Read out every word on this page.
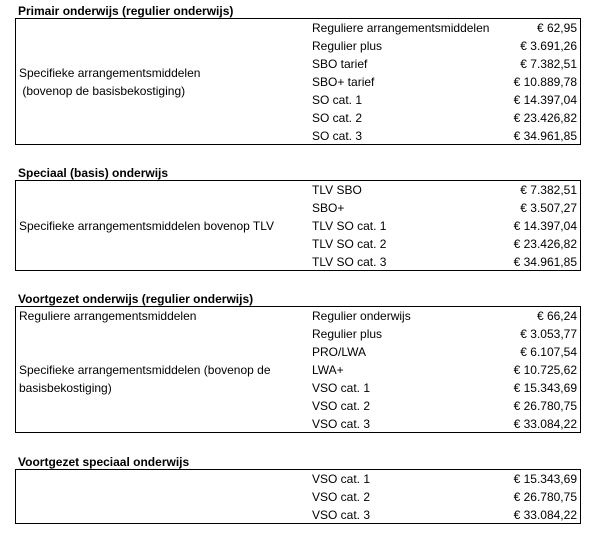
Primair onderwijs (regulier onderwijs)
Specifieke arrangementsmiddelen
(bovenop de basisbekostiging)
Reguliere arrangementsmiddelen	€ 62,95
Regulier plus	€ 3.691,26
SBO tarief	€ 7.382,51
SBO+ tarief	€ 10.889,78
SO cat. 1	€ 14.397,04
SO cat. 2	€ 23.426,82
SO cat. 3	€ 34.961,85
Speciaal (basis) onderwijs
Specifieke arrangementsmiddelen bovenop TLV
TLV SBO	€ 7.382,51
SBO+	€ 3.507,27
TLV SO cat. 1	€ 14.397,04
TLV SO cat. 2	€ 23.426,82
TLV SO cat. 3	€ 34.961,85
Voortgezet onderwijs (regulier onderwijs)
Reguliere arrangementsmiddelen
Specifieke arrangementsmiddelen (bovenop de
basisbekostiging)
Regulier onderwijs	€ 66,24
Regulier plus	€ 3.053,77
PRO/LWA	€ 6.107,54
LWA+	€ 10.725,62
VSO cat. 1	€ 15.343,69
VSO cat. 2	€ 26.780,75
VSO cat. 3	€ 33.084,22
Voortgezet speciaal onderwijs
VSO cat. 1	€ 15.343,69
VSO cat. 2	€ 26.780,75
VSO cat. 3	€ 33.084,22
